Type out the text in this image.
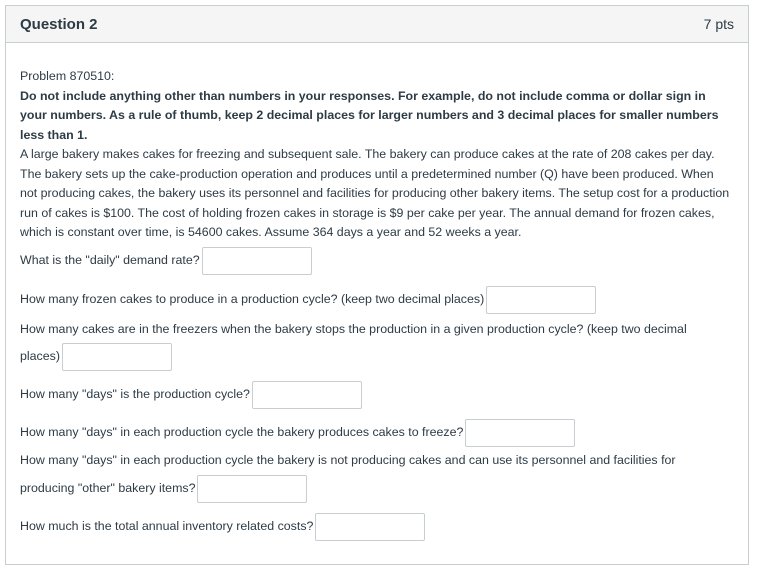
Question 2	7 pts

Problem 870510:

Do not include anything other than numbers in your responses. For example, do not include comma or dollar sign in your numbers. As a rule of thumb, keep 2 decimal places for larger numbers and 3 decimal places for smaller numbers less than 1.

A large bakery makes cakes for freezing and subsequent sale. The bakery can produce cakes at the rate of 208 cakes per day. The bakery sets up the cake-production operation and produces until a predetermined number (Q) have been produced. When not producing cakes, the bakery uses its personnel and facilities for producing other bakery items. The setup cost for a production run of cakes is $100. The cost of holding frozen cakes in storage is $9 per cake per year. The annual demand for frozen cakes, which is constant over time, is 54600 cakes. Assume 364 days a year and 52 weeks a year.

What is the "daily" demand rate?
How many frozen cakes to produce in a production cycle? (keep two decimal places)
How many cakes are in the freezers when the bakery stops the production in a given production cycle? (keep two decimal
places)
How many "days" is the production cycle?
How many "days" in each production cycle the bakery produces cakes to freeze?
How many "days" in each production cycle the bakery is not producing cakes and can use its personnel and facilities for
producing "other" bakery items?
How much is the total annual inventory related costs?
